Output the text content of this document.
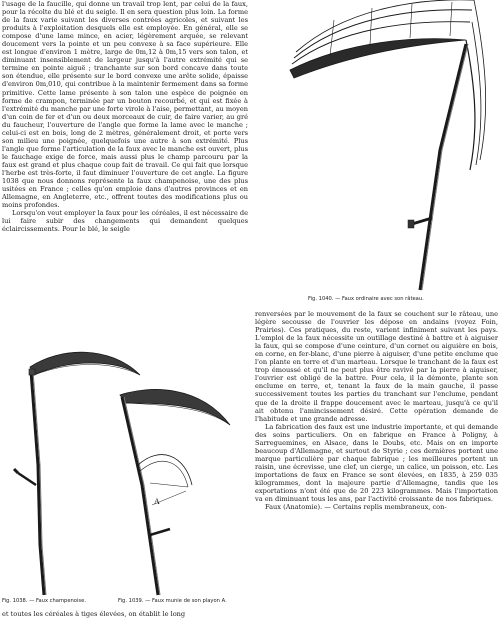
l'usage de la faucille, qui donne un travail trop lent, par celui de la faux, pour la récolte du blé et du seigle. Il en sera question plus loin. La forme de la faux varie suivant les diverses contrées agricoles, et suivant les produits à l'exploitation desquels elle est employée. En général, elle se compose d'une lame mince, en acier, légèrement arquée, se relevant doucement vers la pointe et un peu convexe à sa face supérieure. Elle est longue d'environ 1 mètre, large de 0m,12 à 0m,15 vers son talon, et diminuant insensiblement de largeur jusqu'à l'autre extrémité qui se termine en pointe aiguë ; tranchante sur son bord concave dans toute son étendue, elle présente sur le bord convexe une arête solide, épaisse d'environ 0m,010, qui contribue à la maintenir fermement dans sa forme primitive. Cette lame présente à son talon une espèce de poignée en forme de crampon, terminée par un bouton recourbé, et qui est fixée à l'extrémité du manche par une forte virole à l'aise, permettant, au moyen d'un coin de fer et d'un ou deux morceaux de cuir, de faire varier, au gré du faucheur, l'ouverture de l'angle que forme la lame avec le manche ; celui-ci est en bois, long de 2 mètres, généralement droit, et porte vers son milieu une poignée, quelquefois une autre à son extrémité. Plus l'angle que forme l'articulation de la faux avec le manche est ouvert, plus le fauchage exige de force, mais aussi plus le champ parcouru par la faux est grand et plus chaque coup fait de travail. Ce qui fait que lorsque l'herbe est très-forte, il faut diminuer l'ouverture de cet angle. La figure 1038 que nous donnons représente la faux champenoise, une des plus usitées en France ; celles qu'on emploie dans d'autres provinces et en Allemagne, en Angleterre, etc., offrent toutes des modifications plus ou moins profondes.

Lorsqu'on veut employer la faux pour les céréales, il est nécessaire de lui faire subir des changements qui demandent quelques éclaircissements. Pour le blé, le seigle

A
Fig. 1038. — Faux champenoise.	Fig. 1039. — Faux munie de son playon A.
et toutes les céréales à tiges élevées, on établit le long
Fig. 1040. — Faux ordinaire avec son râteau.

renversées par le mouvement de la faux se couchent sur le râteau, une légère secousse de l'ouvrier les dépose en andains (voyez Foin, Prairies). Ces pratiques, du reste, varient infiniment suivant les pays. L'emploi de la faux nécessite un outillage destiné à battre et à aiguiser la faux, qui se compose d'une ceinture, d'un cornet ou aiguière en bois, en corne, en fer-blanc, d'une pierre à aiguiser, d'une petite enclume que l'on plante en terre et d'un marteau. Lorsque le tranchant de la faux est trop émoussé et qu'il ne peut plus être ravivé par la pierre à aiguiser, l'ouvrier est obligé de la battre. Pour cela, il la démonte, plante son enclume en terre, et, tenant la faux de la main gauche, il passe successivement toutes les parties du tranchant sur l'enclume, pendant que de la droite il frappe doucement avec le marteau, jusqu'à ce qu'il ait obtenu l'amincissement désiré. Cette opération demande de l'habitude et une grande adresse.

La fabrication des faux est une industrie importante, et qui demande des soins particuliers. On en fabrique en France à Poligny, à Sarreguemines, en Alsace, dans le Doubs, etc. Mais on en importe beaucoup d'Allemagne, et surtout de Styrie ; ces dernières portent une marque particulière par chaque fabrique ; les meilleures portent un raisin, une écrevisse, une clef, un cierge, un calice, un poisson, etc. Les importations de faux en France se sont élevées, en 1835, à 259 035 kilogrammes, dont la majeure partie d'Allemagne, tandis que les exportations n'ont été que de 20 223 kilogrammes. Mais l'importation va en diminuant tous les ans, par l'activité croissante de nos fabriques.

Faux (Anatomie). — Certains replis membraneux, con-
